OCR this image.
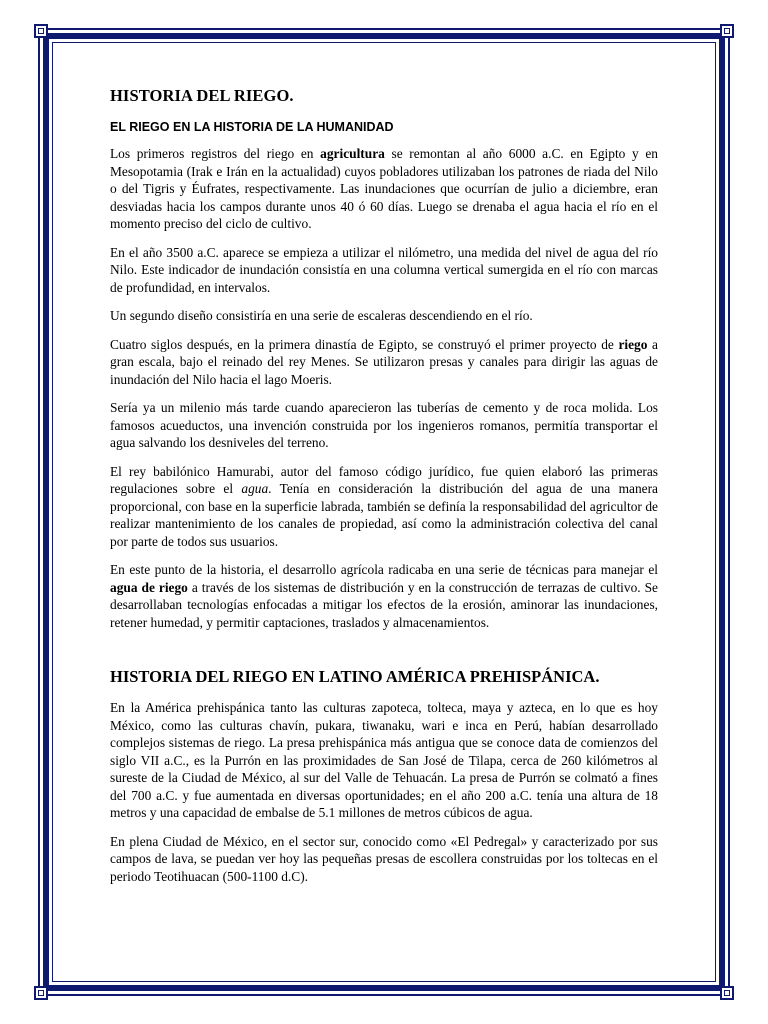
HISTORIA DEL RIEGO.
EL RIEGO EN LA HISTORIA DE LA HUMANIDAD

Los primeros registros del riego en agricultura se remontan al año 6000 a.C. en Egipto y en Mesopotamia (Irak e Irán en la actualidad) cuyos pobladores utilizaban los patrones de riada del Nilo o del Tigris y Éufrates, respectivamente. Las inundaciones que ocurrían de julio a diciembre, eran desviadas hacia los campos durante unos 40 ó 60 días. Luego se drenaba el agua hacia el río en el momento preciso del ciclo de cultivo.

En el año 3500 a.C. aparece se empieza a utilizar el nilómetro, una medida del nivel de agua del río Nilo. Este indicador de inundación consistía en una columna vertical sumergida en el río con marcas de profundidad, en intervalos.

Un segundo diseño consistiría en una serie de escaleras descendiendo en el río.

Cuatro siglos después, en la primera dinastía de Egipto, se construyó el primer proyecto de riego a gran escala, bajo el reinado del rey Menes. Se utilizaron presas y canales para dirigir las aguas de inundación del Nilo hacia el lago Moeris.

Sería ya un milenio más tarde cuando aparecieron las tuberías de cemento y de roca molida. Los famosos acueductos, una invención construida por los ingenieros romanos, permitía transportar el agua salvando los desniveles del terreno.

El rey babilónico Hamurabi, autor del famoso código jurídico, fue quien elaboró las primeras regulaciones sobre el agua. Tenía en consideración la distribución del agua de una manera proporcional, con base en la superficie labrada, también se definía la responsabilidad del agricultor de realizar mantenimiento de los canales de propiedad, así como la administración colectiva del canal por parte de todos sus usuarios.

En este punto de la historia, el desarrollo agrícola radicaba en una serie de técnicas para manejar el agua de riego a través de los sistemas de distribución y en la construcción de terrazas de cultivo. Se desarrollaban tecnologías enfocadas a mitigar los efectos de la erosión, aminorar las inundaciones, retener humedad, y permitir captaciones, traslados y almacenamientos.

HISTORIA DEL RIEGO EN LATINO AMÉRICA PREHISPÁNICA.

En la América prehispánica tanto las culturas zapoteca, tolteca, maya y azteca, en lo que es hoy México, como las culturas chavín, pukara, tiwanaku, wari e inca en Perú, habían desarrollado complejos sistemas de riego. La presa prehispánica más antigua que se conoce data de comienzos del siglo VII a.C., es la Purrón en las proximidades de San José de Tilapa, cerca de 260 kilómetros al sureste de la Ciudad de México, al sur del Valle de Tehuacán. La presa de Purrón se colmató a fines del 700 a.C. y fue aumentada en diversas oportunidades; en el año 200 a.C. tenía una altura de 18 metros y una capacidad de embalse de 5.1 millones de metros cúbicos de agua.

En plena Ciudad de México, en el sector sur, conocido como «El Pedregal» y caracterizado por sus campos de lava, se puedan ver hoy las pequeñas presas de escollera construidas por los toltecas en el periodo Teotihuacan (500-1100 d.C).
